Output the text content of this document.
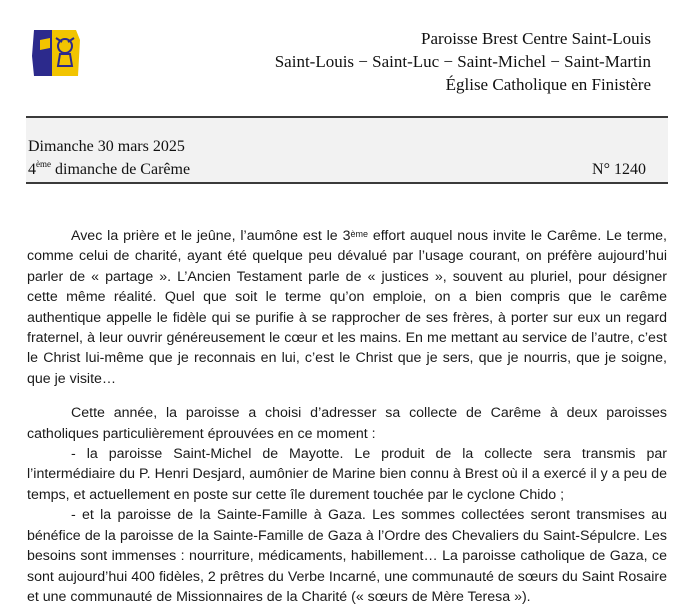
Paroisse Brest Centre Saint-Louis
Saint-Louis − Saint-Luc − Saint-Michel − Saint-Martin
Église Catholique en Finistère
Dimanche 30 mars 2025
4ème dimanche de Carême	N° 1240

Avec la prière et le jeûne, l’aumône est le 3ème effort auquel nous invite le Carême. Le terme, comme celui de charité, ayant été quelque peu dévalué par l’usage courant, on préfère aujourd’hui parler de « partage ». L’Ancien Testament parle de « justices », souvent au pluriel, pour désigner cette même réalité. Quel que soit le terme qu’on emploie, on a bien compris que le carême authentique appelle le fidèle qui se purifie à se rapprocher de ses frères, à porter sur eux un regard fraternel, à leur ouvrir généreusement le cœur et les mains. En me mettant au service de l’autre, c’est le Christ lui-même que je reconnais en lui, c’est le Christ que je sers, que je nourris, que je soigne, que je visite…

Cette année, la paroisse a choisi d’adresser sa collecte de Carême à deux paroisses catholiques particulièrement éprouvées en ce moment :

- la paroisse Saint-Michel de Mayotte. Le produit de la collecte sera transmis par l’intermédiaire du P. Henri Desjard, aumônier de Marine bien connu à Brest où il a exercé il y a peu de temps, et actuellement en poste sur cette île durement touchée par le cyclone Chido ;

- et la paroisse de la Sainte-Famille à Gaza. Les sommes collectées seront transmises au bénéfice de la paroisse de la Sainte-Famille de Gaza à l’Ordre des Chevaliers du Saint-Sépulcre. Les besoins sont immenses : nourriture, médicaments, habillement… La paroisse catholique de Gaza, ce sont aujourd’hui 400 fidèles, 2 prêtres du Verbe Incarné, une communauté de sœurs du Saint Rosaire et une communauté de Missionnaires de la Charité (« sœurs de Mère Teresa »).
